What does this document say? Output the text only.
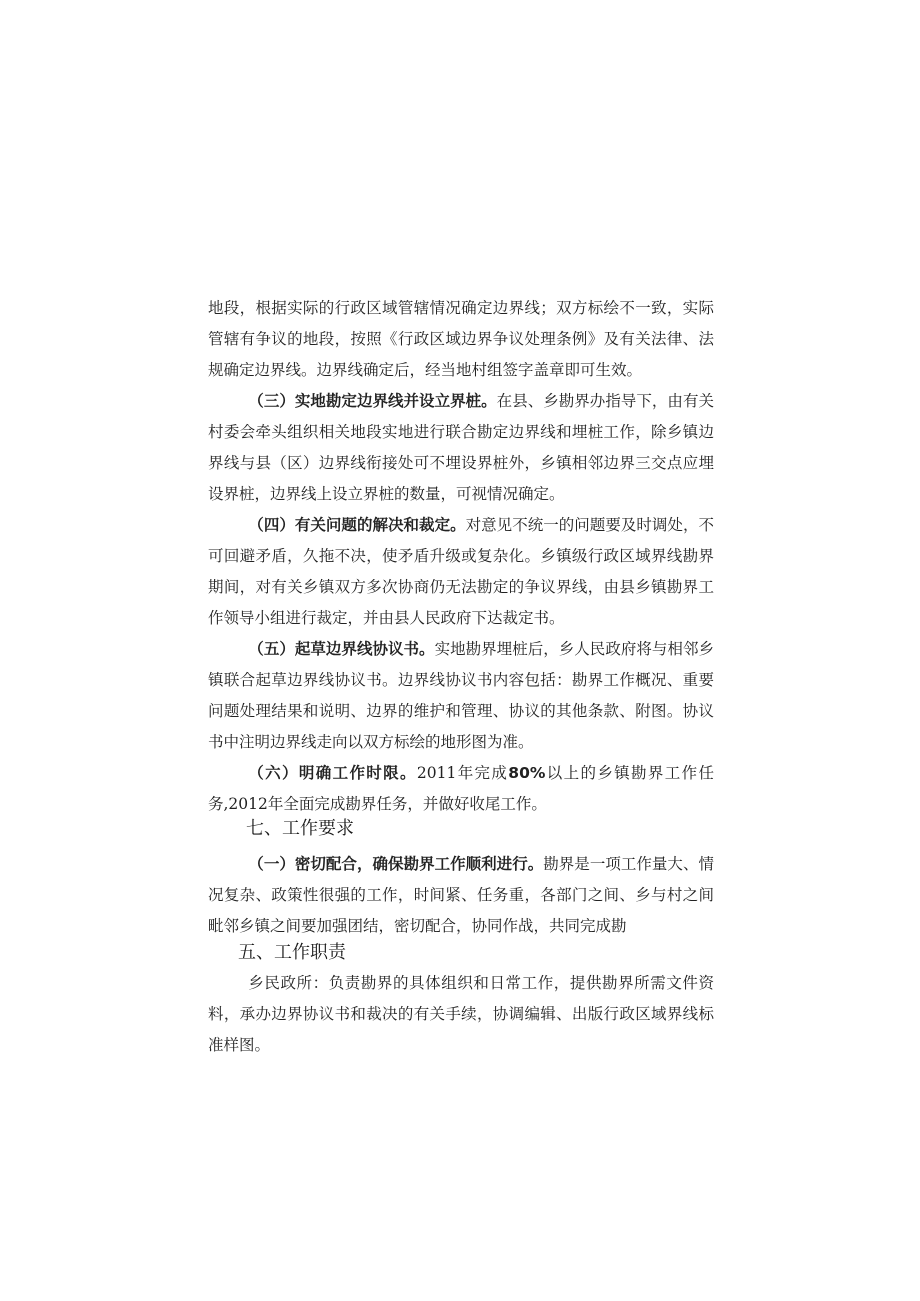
地段，根据实际的行政区域管辖情况确定边界线；双方标绘不一致，实际管辖有争议的地段，按照《行政区域边界争议处理条例》及有关法律、法规确定边界线。边界线确定后，经当地村组签字盖章即可生效。

（三）实地勘定边界线并设立界桩。在县、乡勘界办指导下，由有关村委会牵头组织相关地段实地进行联合勘定边界线和埋桩工作，除乡镇边界线与县（区）边界线衔接处可不埋设界桩外，乡镇相邻边界三交点应埋设界桩，边界线上设立界桩的数量，可视情况确定。

（四）有关问题的解决和裁定。对意见不统一的问题要及时调处，不可回避矛盾，久拖不决，使矛盾升级或复杂化。乡镇级行政区域界线勘界期间，对有关乡镇双方多次协商仍无法勘定的争议界线，由县乡镇勘界工作领导小组进行裁定，并由县人民政府下达裁定书。

（五）起草边界线协议书。实地勘界埋桩后，乡人民政府将与相邻乡镇联合起草边界线协议书。边界线协议书内容包括：勘界工作概况、重要问题处理结果和说明、边界的维护和管理、协议的其他条款、附图。协议书中注明边界线走向以双方标绘的地形图为准。

（六）明确工作时限。2011年完成80%以上的乡镇勘界工作任务,2012年全面完成勘界任务，并做好收尾工作。

七、工作要求

（一）密切配合，确保勘界工作顺利进行。勘界是一项工作量大、情况复杂、政策性很强的工作，时间紧、任务重，各部门之间、乡与村之间毗邻乡镇之间要加强团结，密切配合，协同作战，共同完成勘

五、工作职责

乡民政所：负责勘界的具体组织和日常工作，提供勘界所需文件资料，承办边界协议书和裁决的有关手续，协调编辑、出版行政区域界线标准样图。
